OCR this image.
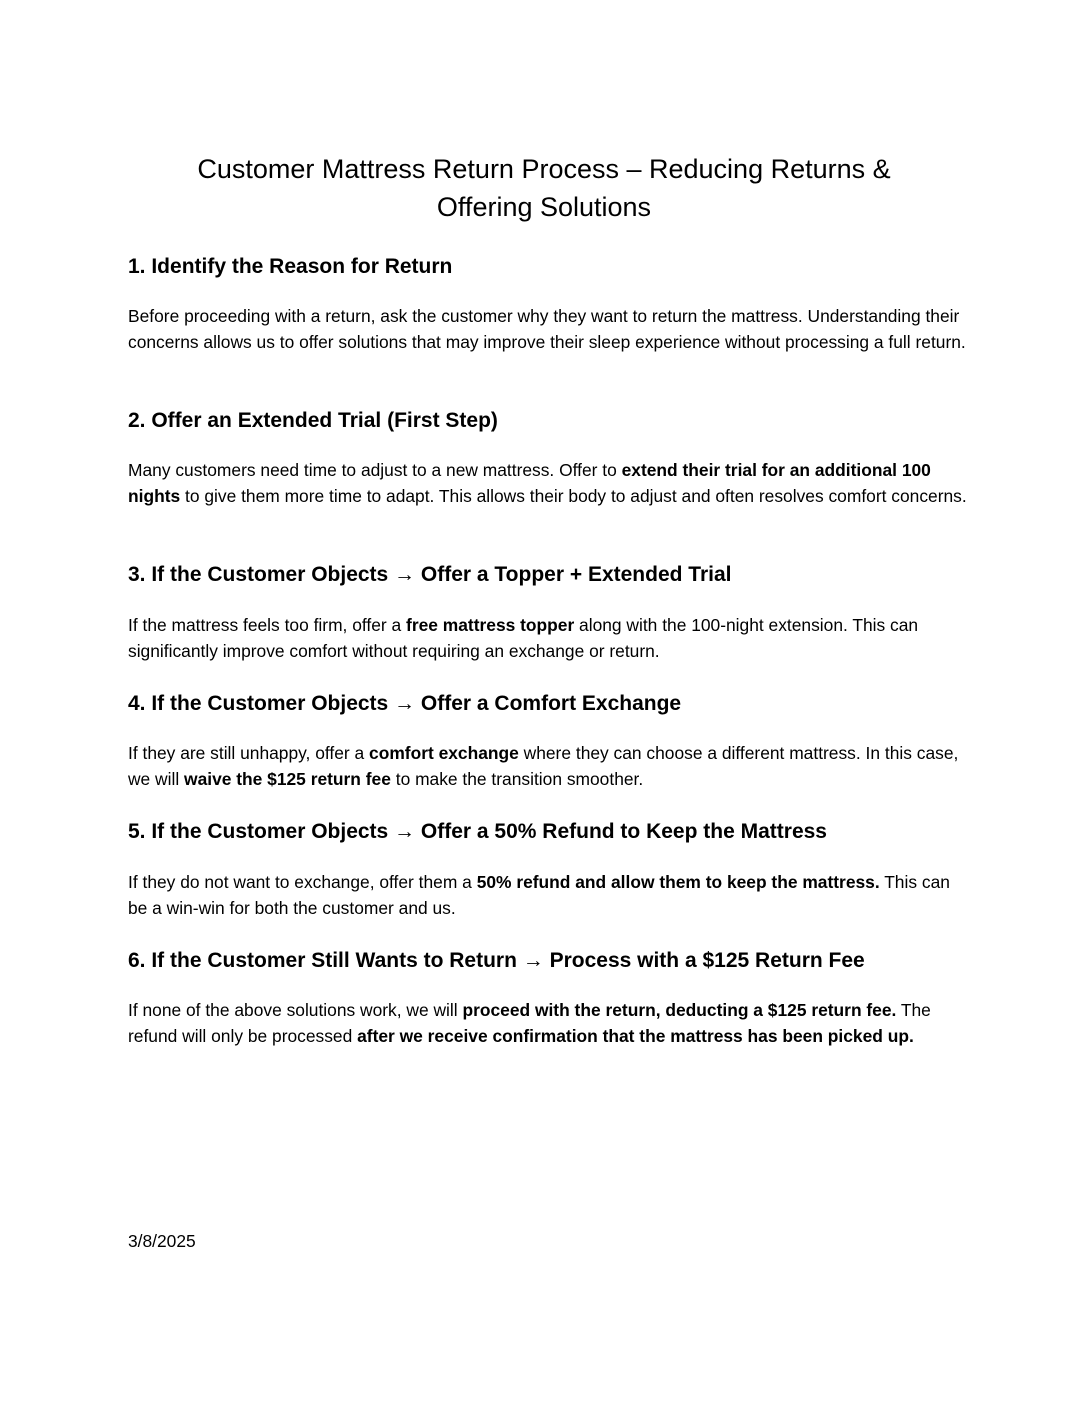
Customer Mattress Return Process – Reducing Returns &
Offering Solutions
1. Identify the Reason for Return

Before proceeding with a return, ask the customer why they want to return the mattress. Understanding their concerns allows us to offer solutions that may improve their sleep experience without processing a full return.

2. Offer an Extended Trial (First Step)

Many customers need time to adjust to a new mattress. Offer to extend their trial for an additional 100 nights to give them more time to adapt. This allows their body to adjust and often resolves comfort concerns.

3. If the Customer Objects → Offer a Topper + Extended Trial

If the mattress feels too firm, offer a free mattress topper along with the 100-night extension. This can significantly improve comfort without requiring an exchange or return.

4. If the Customer Objects → Offer a Comfort Exchange

If they are still unhappy, offer a comfort exchange where they can choose a different mattress. In this case, we will waive the $125 return fee to make the transition smoother.

5. If the Customer Objects → Offer a 50% Refund to Keep the Mattress

If they do not want to exchange, offer them a 50% refund and allow them to keep the mattress. This can be a win-win for both the customer and us.

6. If the Customer Still Wants to Return → Process with a $125 Return Fee

If none of the above solutions work, we will proceed with the return, deducting a $125 return fee. The refund will only be processed after we receive confirmation that the mattress has been picked up.

3/8/2025
